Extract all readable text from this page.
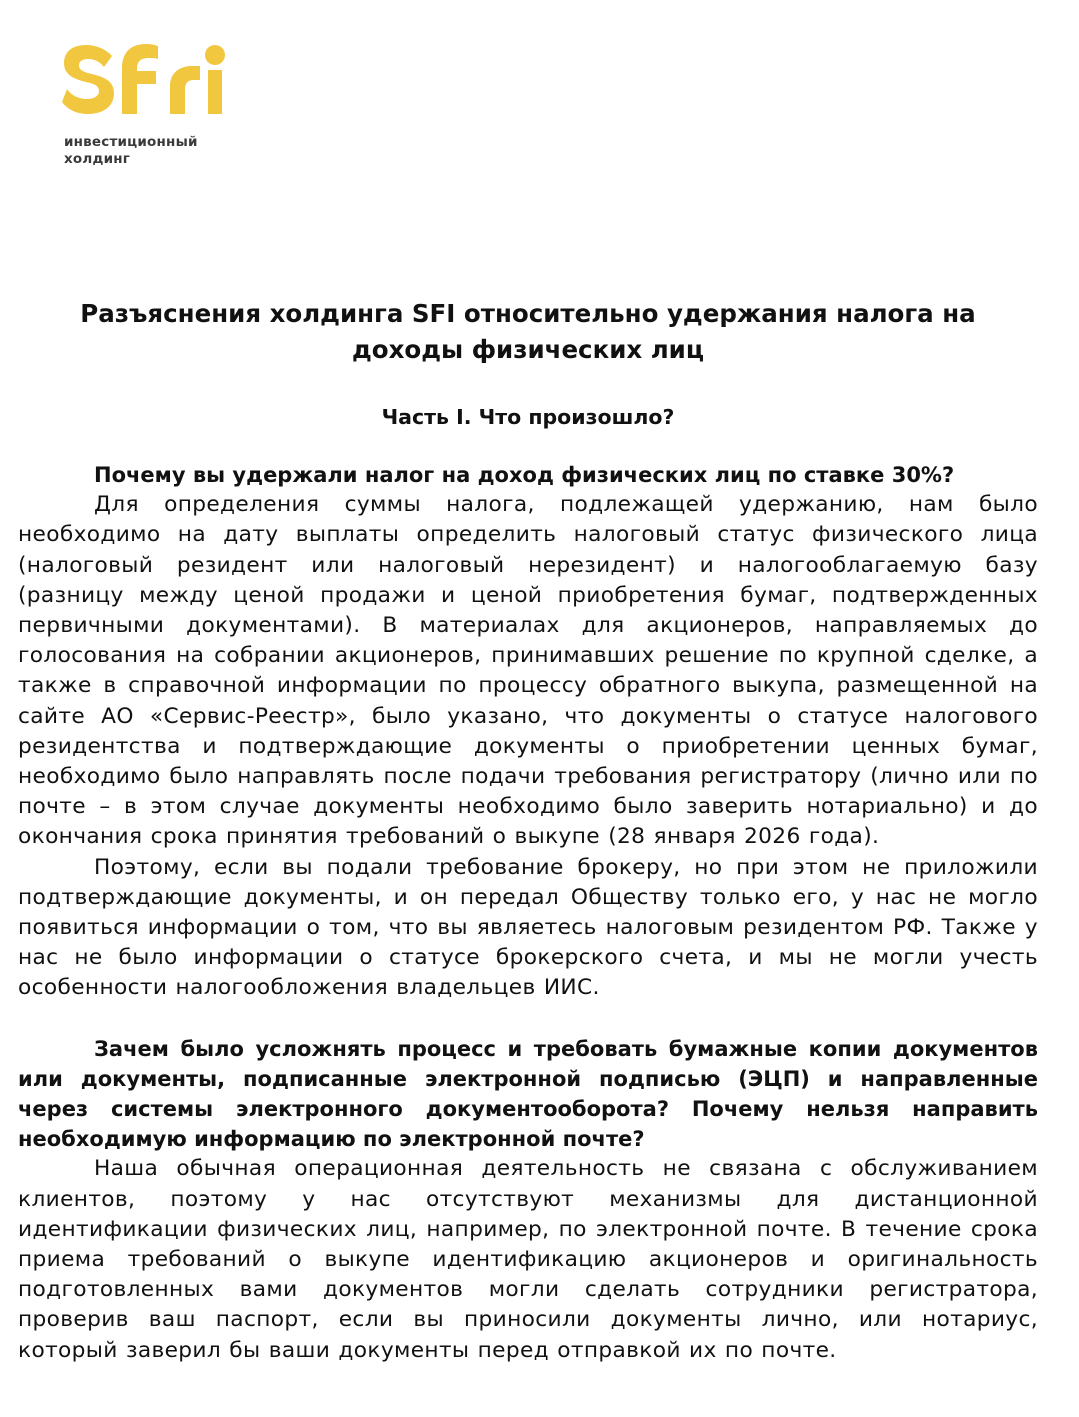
инвестиционный
холдинг
Разъяснения холдинга SFI относительно удержания налога на доходы физических лиц
Часть I. Что произошло?

Почему вы удержали налог на доход физических лиц по ставке 30%?

Для определения суммы налога, подлежащей удержанию, нам было необходимо на дату выплаты определить налоговый статус физического лица (налоговый резидент или налоговый нерезидент) и налогооблагаемую базу (разницу между ценой продажи и ценой приобретения бумаг, подтвержденных первичными документами). В материалах для акционеров, направляемых до голосования на собрании акционеров, принимавших решение по крупной сделке, а также в справочной информации по процессу обратного выкупа, размещенной на сайте АО «Сервис-Реестр», было указано, что документы о статусе налогового резидентства и подтверждающие документы о приобретении ценных бумаг, необходимо было направлять после подачи требования регистратору (лично или по почте – в этом случае документы необходимо было заверить нотариально) и до окончания срока принятия требований о выкупе (28 января 2026 года).

Поэтому, если вы подали требование брокеру, но при этом не приложили подтверждающие документы, и он передал Обществу только его, у нас не могло появиться информации о том, что вы являетесь налоговым резидентом РФ. Также у нас не было информации о статусе брокерского счета, и мы не могли учесть особенности налогообложения владельцев ИИС.

Зачем было усложнять процесс и требовать бумажные копии документов или документы, подписанные электронной подписью (ЭЦП) и направленные через системы электронного документооборота? Почему нельзя направить необходимую информацию по электронной почте?

Наша обычная операционная деятельность не связана с обслуживанием клиентов, поэтому у нас отсутствуют механизмы для дистанционной идентификации физических лиц, например, по электронной почте. В течение срока приема требований о выкупе идентификацию акционеров и оригинальность подготовленных вами документов могли сделать сотрудники регистратора, проверив ваш паспорт, если вы приносили документы лично, или нотариус, который заверил бы ваши документы перед отправкой их по почте.
